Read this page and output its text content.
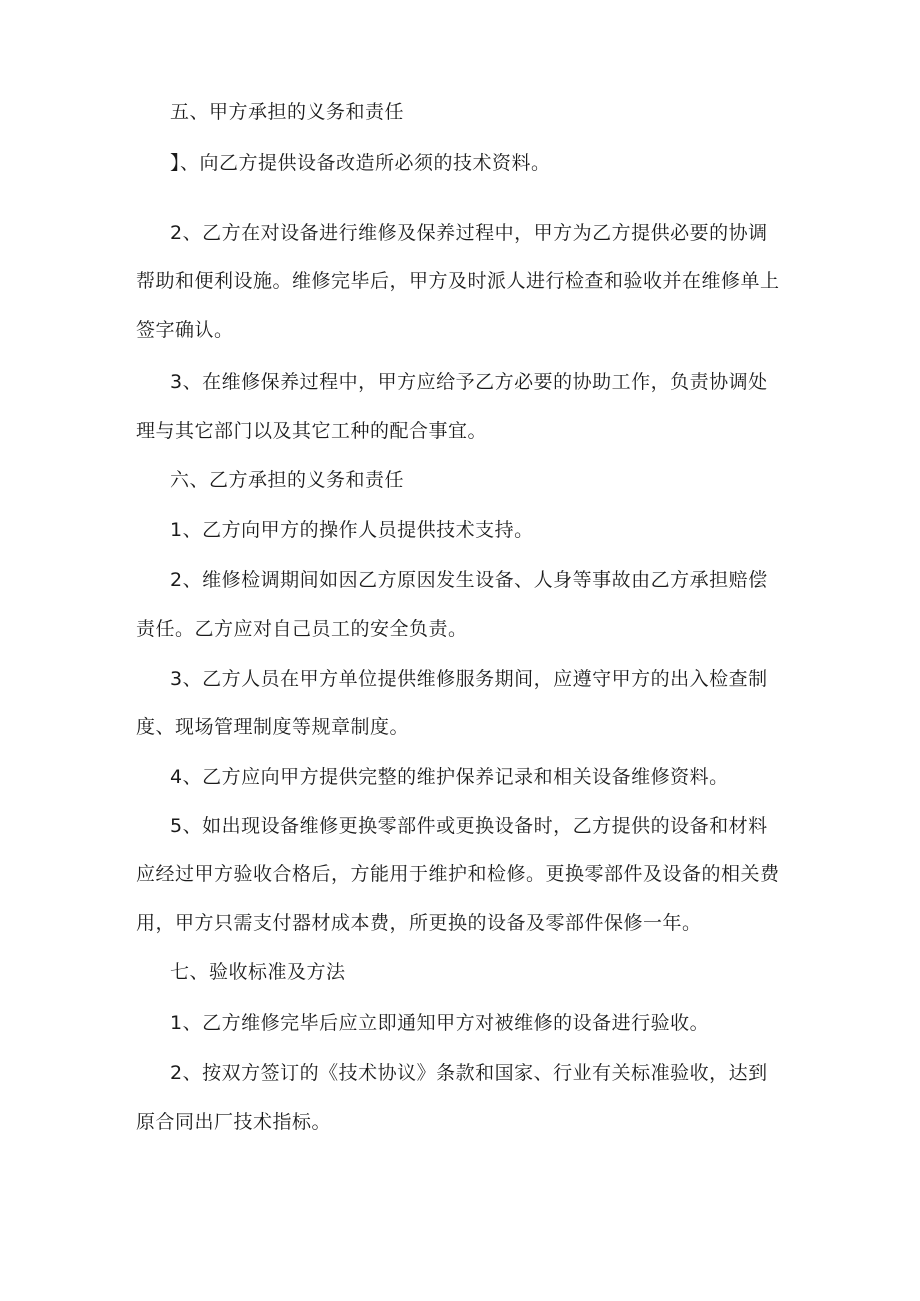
五、甲方承担的义务和责任
】、向乙方提供设备改造所必须的技术资料。
2、乙方在对设备进行维修及保养过程中，甲方为乙方提供必要的协调
帮助和便利设施。维修完毕后，甲方及时派人进行检查和验收并在维修单上
签字确认。
3、在维修保养过程中，甲方应给予乙方必要的协助工作，负责协调处
理与其它部门以及其它工种的配合事宜。
六、乙方承担的义务和责任
1、乙方向甲方的操作人员提供技术支持。
2、维修检调期间如因乙方原因发生设备、人身等事故由乙方承担赔偿
责任。乙方应对自己员工的安全负责。
3、乙方人员在甲方单位提供维修服务期间，应遵守甲方的出入检查制
度、现场管理制度等规章制度。
4、乙方应向甲方提供完整的维护保养记录和相关设备维修资料。
5、如出现设备维修更换零部件或更换设备时，乙方提供的设备和材料
应经过甲方验收合格后，方能用于维护和检修。更换零部件及设备的相关费
用，甲方只需支付器材成本费，所更换的设备及零部件保修一年。
七、验收标准及方法
1、乙方维修完毕后应立即通知甲方对被维修的设备进行验收。
2、按双方签订的《技术协议》条款和国家、行业有关标准验收，达到
原合同出厂技术指标。
